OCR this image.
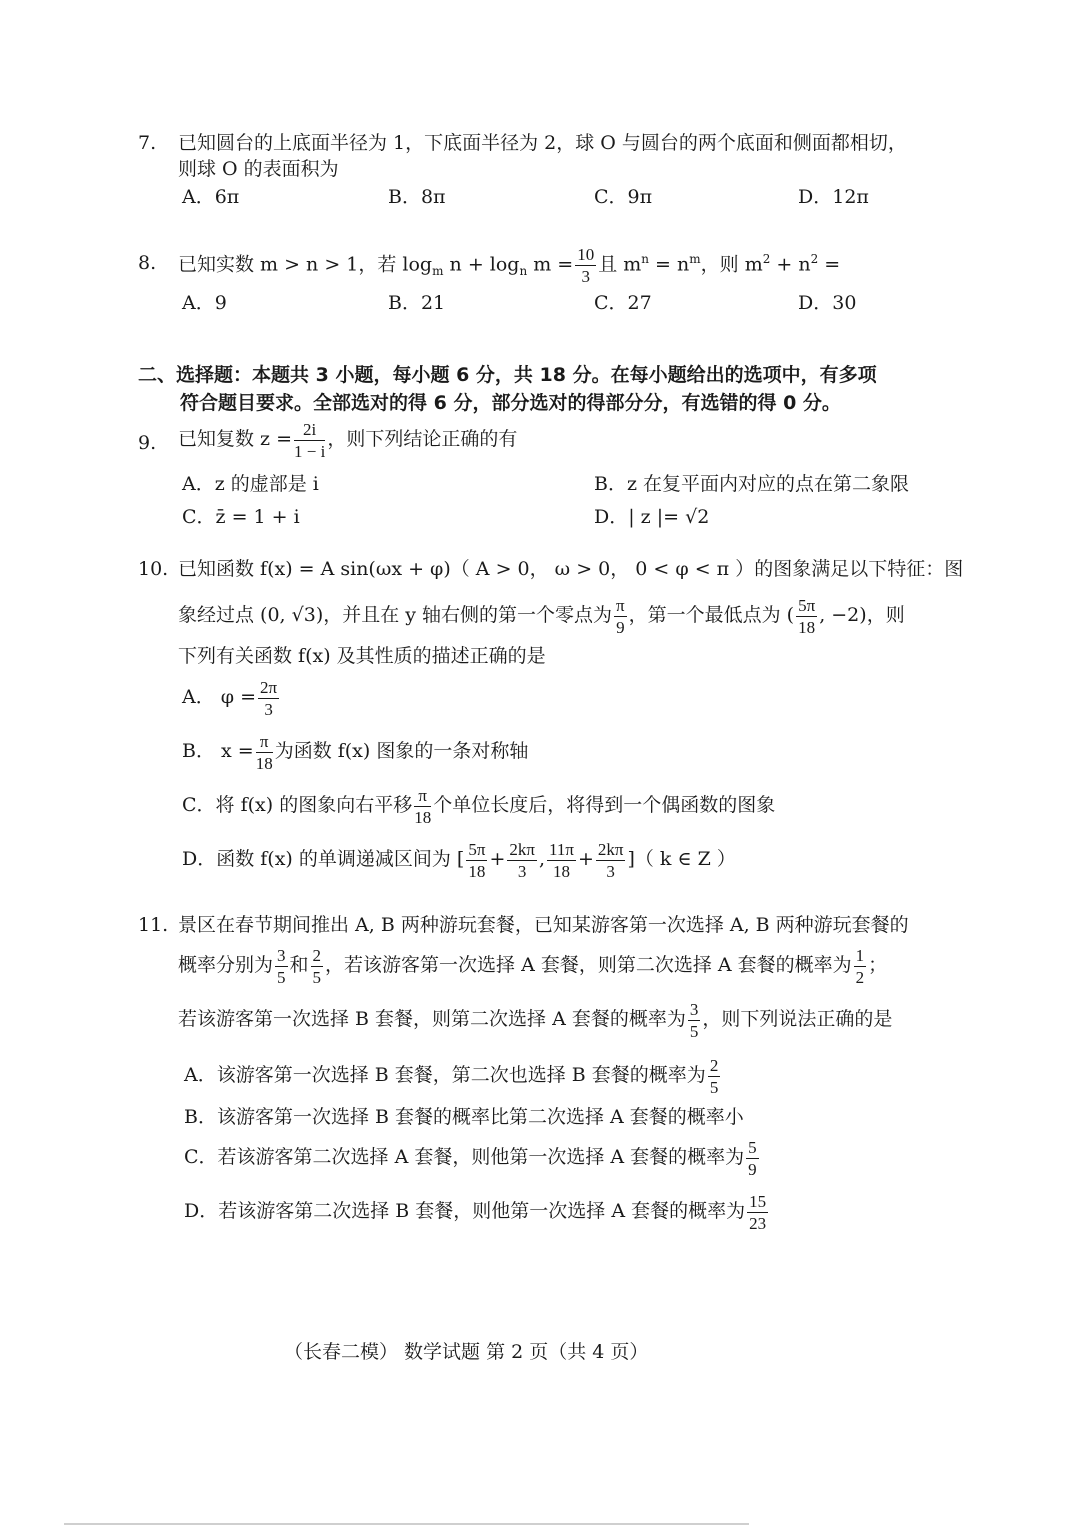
7. 已知圆台的上底面半径为 1，下底面半径为 2，球 O 与圆台的两个底面和侧面都相切，
则球 O 的表面积为
A．6π	B．8π	C．9π	D．12π
8. 已知实数 m > n > 1，若 $\log_m n + \log_n m = \frac{10}{3}$ 且 $m^n = n^m$，则 $m^2 + n^2$ =
A．9	B．21	C．27	D．30
二、选择题：本题共 3 小题，每小题 6 分，共 18 分。在每小题给出的选项中，有多项
符合题目要求。全部选对的得 6 分，部分选对的得部分分，有选错的得 0 分。
9. 已知复数 $z = \frac{2i}{1 - i}$ ，则下列结论正确的有
A．z 的虚部是 i	B．z 在复平面内对应的点在第二象限
C．z̄ = 1 + i	D．| z |= √2
10. 已知函数 f(x) = A sin(ωx + φ)（ A > 0， ω > 0， 0 < φ < π ）的图象满足以下特征：图
象经过点 (0, √3)，并且在 y 轴右侧的第一个零点为 $\frac{\pi}{9}$ ，第一个最低点为 ( $\frac{5\pi}{18}$ , −2)，则
下列有关函数 f(x) 及其性质的描述正确的是
A． $\varphi = \frac{2\pi}{3}$
B． $x = \frac{\pi}{18}$ 为函数 f(x) 图象的一条对称轴
C．将 f(x) 的图象向右平移 $\frac{\pi}{18}$ 个单位长度后，将得到一个偶函数的图象
D．函数 f(x) 的单调递减区间为 [ $\frac{5\pi}{18} + \frac{2k\pi}{3}$ , $\frac{11\pi}{18} + \frac{2k\pi}{3}$ ]（ k ∈ Z ）
11. 景区在春节期间推出 A, B 两种游玩套餐，已知某游客第一次选择 A, B 两种游玩套餐的
概率分别为 $\frac{3}{5}$ 和 $\frac{2}{5}$ ，若该游客第一次选择 A 套餐，则第二次选择 A 套餐的概率为 $\frac{1}{2}$ ；
若该游客第一次选择 B 套餐，则第二次选择 A 套餐的概率为 $\frac{3}{5}$ ，则下列说法正确的是
A．该游客第一次选择 B 套餐，第二次也选择 B 套餐的概率为 $\frac{2}{5}$
B．该游客第一次选择 B 套餐的概率比第二次选择 A 套餐的概率小
C．若该游客第二次选择 A 套餐，则他第一次选择 A 套餐的概率为 $\frac{5}{9}$
D．若该游客第二次选择 B 套餐，则他第一次选择 A 套餐的概率为 $\frac{15}{23}$
（长春二模） 数学试题 第 2 页（共 4 页）
